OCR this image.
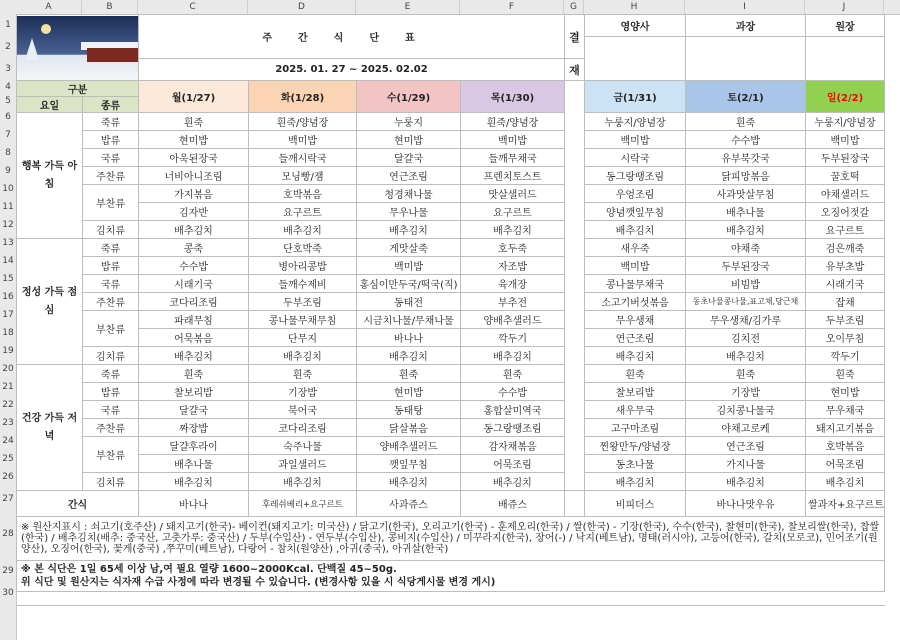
A	B	C	D	E	F	G	H	I	J
1
2
3
4
5
6
7
8
9
10
11
12
13
14
15
16
17
18
19
20
21
22
23
24
25
26
27
28
29
30
		주간식단표				결	영양사	과장	원장

		2025. 01. 27 ~ 2025. 02.02				재			
구분		월(1/27)	화(1/28)	수(1/29)	목(1/30)		금(1/31)	토(2/1)	일(2/2)
요일	종류								
행복 가득 아침	죽류	흰죽	흰죽/양념장	누룽지	흰죽/양념장		누룽지/양념장	흰죽	누룽지/양념장
	밥류	현미밥	백미밥	현미밥	백미밥		백미밥	수수밥	백미밥
	국류	아욱된장국	들깨시락국	달걀국	들깨무채국		시락국	유부북갓국	두부된장국
	주찬류	너비아니조림	모닝빵/잼	연근조림	프렌치토스트		동그랑땡조림	닭피망볶음	꿀호떡
	부찬류	가지볶음	호박볶음	청경채나물	맛살샐러드		우엉조림	사과맛살무침	야채샐러드
		김자반	요구르트	무우나물	요구르트		양념깻잎무침	배추나물	오징어젓갈
	김치류	배추김치	배추김치	배추김치	배추김치		배추김치	배추김치	요구르트
정성 가득 점심	죽류	콩죽	단호박죽	게맛살죽	호두죽		새우죽	야채죽	검은깨죽
	밥류	수수밥	병아리콩밥	백미밥	자조밥		백미밥	두부된장국	유부초밥
	국류	시래기국	들깨수제비	홍심이만두국/떡국(직)	육개장		콩나물무채국	비빔밥	시래기국
	주찬류	코다리조림	두부조림	동태전	부추전		소고기버섯볶음	동초나물콩나물,표고채,당근채	잡채
	부찬류	파래무침	콩나물무채무침	시금치나물/무채나물	양배추샐러드		무우생채	무우생채/김가루	두부조림
		어묵볶음	단무지	바나나	깍두기		연근조림	김치전	오이무침
	김치류	배추김치	배추김치	배추김치	배추김치		배추김치	배추김치	깍두기
건강 가득 저녁	죽류	흰죽	흰죽	흰죽	흰죽		흰죽	흰죽	흰죽
	밥류	찰보리밥	기장밥	현미밥	수수밥		찰보리밥	기장밥	현미밥
	국류	달걀국	북어국	동태탕	홍합살미역국		새우무국	김치콩나물국	무우채국
	주찬류	짜장밥	코다리조림	닭살볶음	동그랑땡조림		고구마조림	야채고로케	돼지고기볶음
	부찬류	달걀후라이	숙주나물	양배추샐러드	감자채볶음		찐왕만두/양념장	연근조림	호박볶음
		배추나물	과일샐러드	깻잎무침	어묵조림		동초나물	가지나물	어묵조림
	김치류	배추김치	배추김치	배추김치	배추김치		배추김치	배추김치	배추김치
간식		바나나	후레쉬베리+요구르트	사과쥬스	배쥬스		비피더스	바나나맛우유	쌀과자+요구르트
※ 원산지표시 : 쇠고기(호주산) / 돼지고기(한국)- 베이컨(돼지고기: 미국산) / 닭고기(한국), 오리고기(한국) - 훈제오리(한국) / 쌀(한국) - 기장(한국), 수수(한국), 찰현미(한국), 찰보리쌀(한국), 찹쌀(한국) / 배추김치(배추: 중국산, 고춧가루: 중국산) / 두부(수입산) - 연두부(수입산), 콩비지(수입산) / 미꾸라지(한국), 장어(-) / 낙지(베트남), 명태(러시아), 고등어(한국), 갈치(모로코), 민어조기(원양산), 오징어(한국), 꽃게(중국) ,쭈꾸미(베트남), 다랑어 - 참치(원양산) ,아귀(중국), 아귀살(한국)									
※ 본 식단은 1일 65세 이상 남,여 필요 열량 1600~2000Kcal. 단백질 45~50g.
위 식단 및 원산지는 식자재 수급 사정에 따라 변경될 수 있습니다. (변경사항 있을 시 식당게시물 변경 게시)									
